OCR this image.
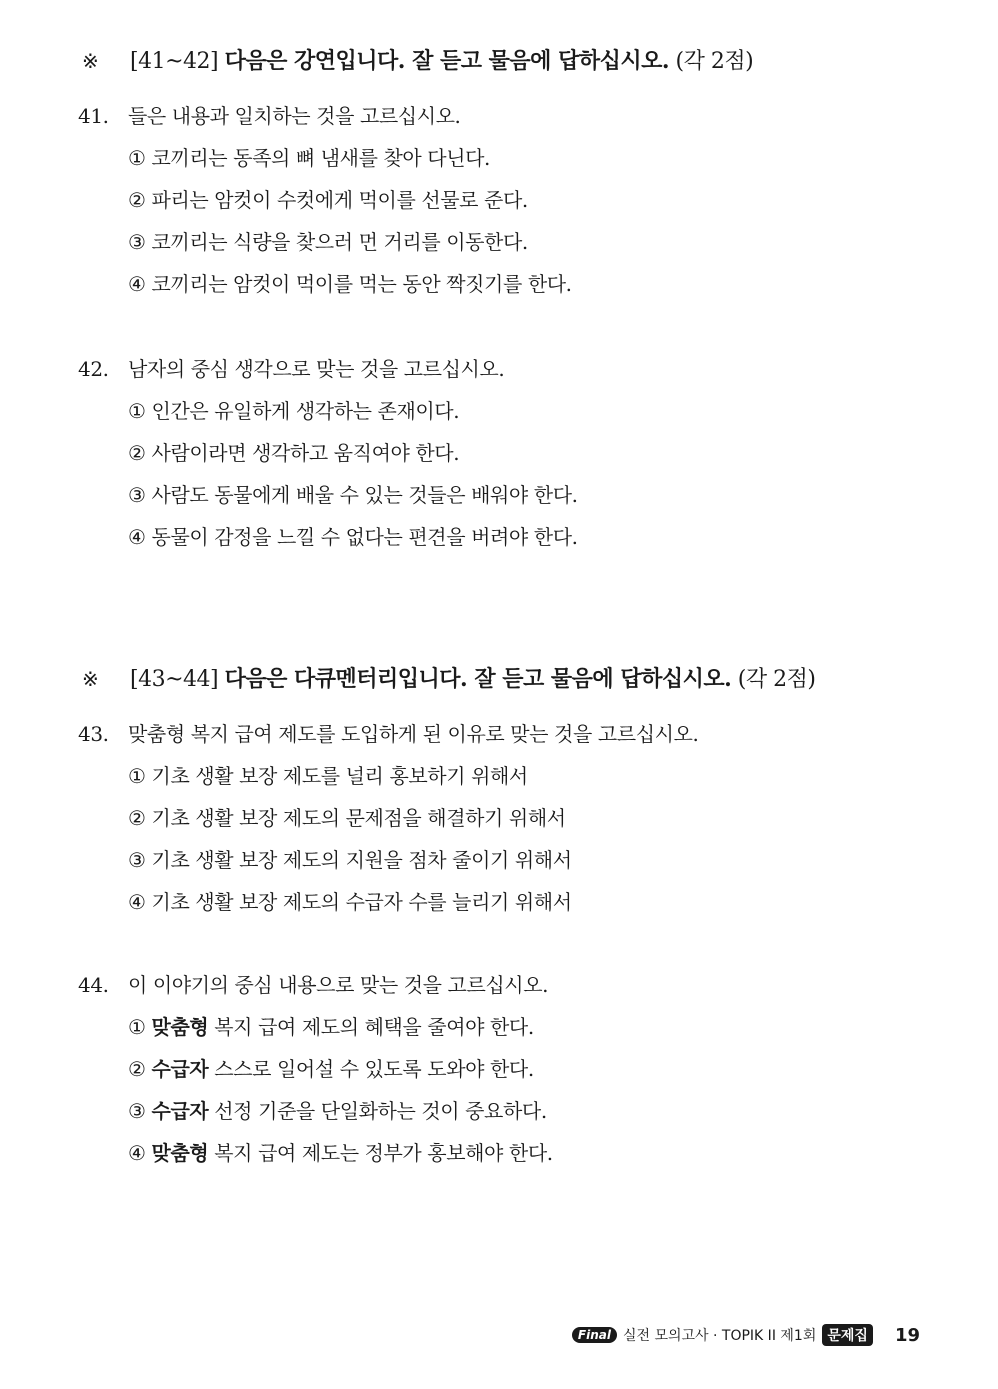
※ [41~42] 다음은 강연입니다. 잘 듣고 물음에 답하십시오. (각 2점)
41. 들은 내용과 일치하는 것을 고르십시오.
① 코끼리는 동족의 뼈 냄새를 찾아 다닌다.
② 파리는 암컷이 수컷에게 먹이를 선물로 준다.
③ 코끼리는 식량을 찾으러 먼 거리를 이동한다.
④ 코끼리는 암컷이 먹이를 먹는 동안 짝짓기를 한다.
42. 남자의 중심 생각으로 맞는 것을 고르십시오.
① 인간은 유일하게 생각하는 존재이다.
② 사람이라면 생각하고 움직여야 한다.
③ 사람도 동물에게 배울 수 있는 것들은 배워야 한다.
④ 동물이 감정을 느낄 수 없다는 편견을 버려야 한다.
※ [43~44] 다음은 다큐멘터리입니다. 잘 듣고 물음에 답하십시오. (각 2점)
43. 맞춤형 복지 급여 제도를 도입하게 된 이유로 맞는 것을 고르십시오.
① 기초 생활 보장 제도를 널리 홍보하기 위해서
② 기초 생활 보장 제도의 문제점을 해결하기 위해서
③ 기초 생활 보장 제도의 지원을 점차 줄이기 위해서
④ 기초 생활 보장 제도의 수급자 수를 늘리기 위해서
44. 이 이야기의 중심 내용으로 맞는 것을 고르십시오.
① 맞춤형 복지 급여 제도의 혜택을 줄여야 한다.
② 수급자 스스로 일어설 수 있도록 도와야 한다.
③ 수급자 선정 기준을 단일화하는 것이 중요하다.
④ 맞춤형 복지 급여 제도는 정부가 홍보해야 한다.
Final 실전 모의고사 · TOPIK II 제1회 문제집 19
